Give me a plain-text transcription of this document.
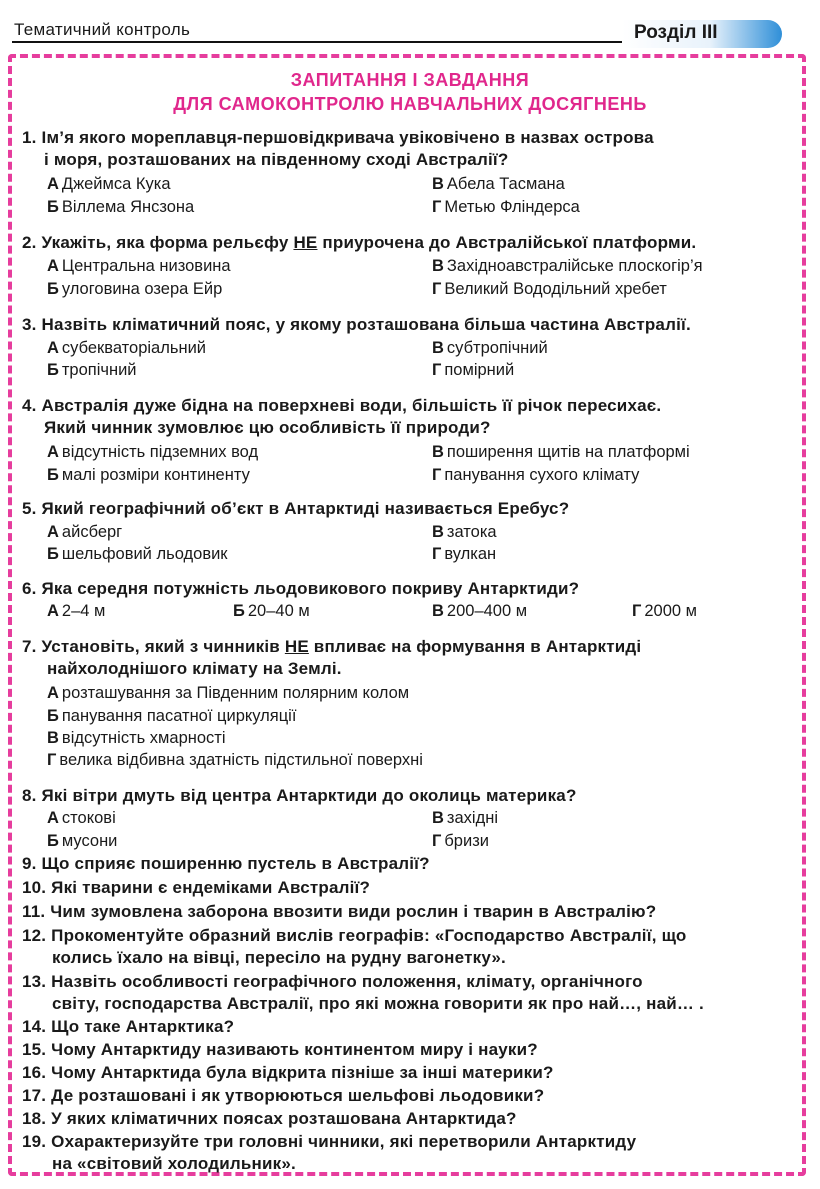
Тематичний контроль	Розділ III
ЗАПИТАННЯ І ЗАВДАННЯ
ДЛЯ САМОКОНТРОЛЮ НАВЧАЛЬНИХ ДОСЯГНЕНЬ
1. Ім’я якого мореплавця-першовідкривача увіковічено в назвах острова
і моря, розташованих на південному сході Австралії?
А Джеймса Кука	В Абела Тасмана
Б Віллема Янсзона	Г Метью Фліндерса
2. Укажіть, яка форма рельєфу НЕ приурочена до Австралійської платформи.
А Центральна низовина	В Західноавстралійське плоскогір’я
Б улоговина озера Ейр	Г Великий Вододільний хребет
3. Назвіть кліматичний пояс, у якому розташована більша частина Австралії.
А субекваторіальний	В субтропічний
Б тропічний	Г помірний
4. Австралія дуже бідна на поверхневі води, більшість її річок пересихає.
Який чинник зумовлює цю особливість її природи?
А відсутність підземних вод	В поширення щитів на платформі
Б малі розміри континенту	Г панування сухого клімату
5. Який географічний об’єкт в Антарктиді називається Еребус?
А айсберг	В затока
Б шельфовий льодовик	Г вулкан
6. Яка середня потужність льодовикового покриву Антарктиди?
А 2–4 м	Б 20–40 м	В 200–400 м	Г 2000 м
7. Установіть, який з чинників НЕ впливає на формування в Антарктиді
найхолоднішого клімату на Землі.
А розташування за Південним полярним колом
Б панування пасатної циркуляції
В відсутність хмарності
Г велика відбивна здатність підстильної поверхні
8. Які вітри дмуть від центра Антарктиди до околиць материка?
А стокові	В західні
Б мусони	Г бризи
9. Що сприяє поширенню пустель в Австралії?
10. Які тварини є ендеміками Австралії?
11. Чим зумовлена заборона ввозити види рослин і тварин в Австралію?
12. Прокоментуйте образний вислів географів: «Господарство Австралії, що
колись їхало на вівці, пересіло на рудну вагонетку».
13. Назвіть особливості географічного положення, клімату, органічного
світу, господарства Австралії, про які можна говорити як про най…, най… .
14. Що таке Антарктика?
15. Чому Антарктиду називають континентом миру і науки?
16. Чому Антарктида була відкрита пізніше за інші материки?
17. Де розташовані і як утворюються шельфові льодовики?
18. У яких кліматичних поясах розташована Антарктида?
19. Охарактеризуйте три головні чинники, які перетворили Антарктиду
на «світовий холодильник».
